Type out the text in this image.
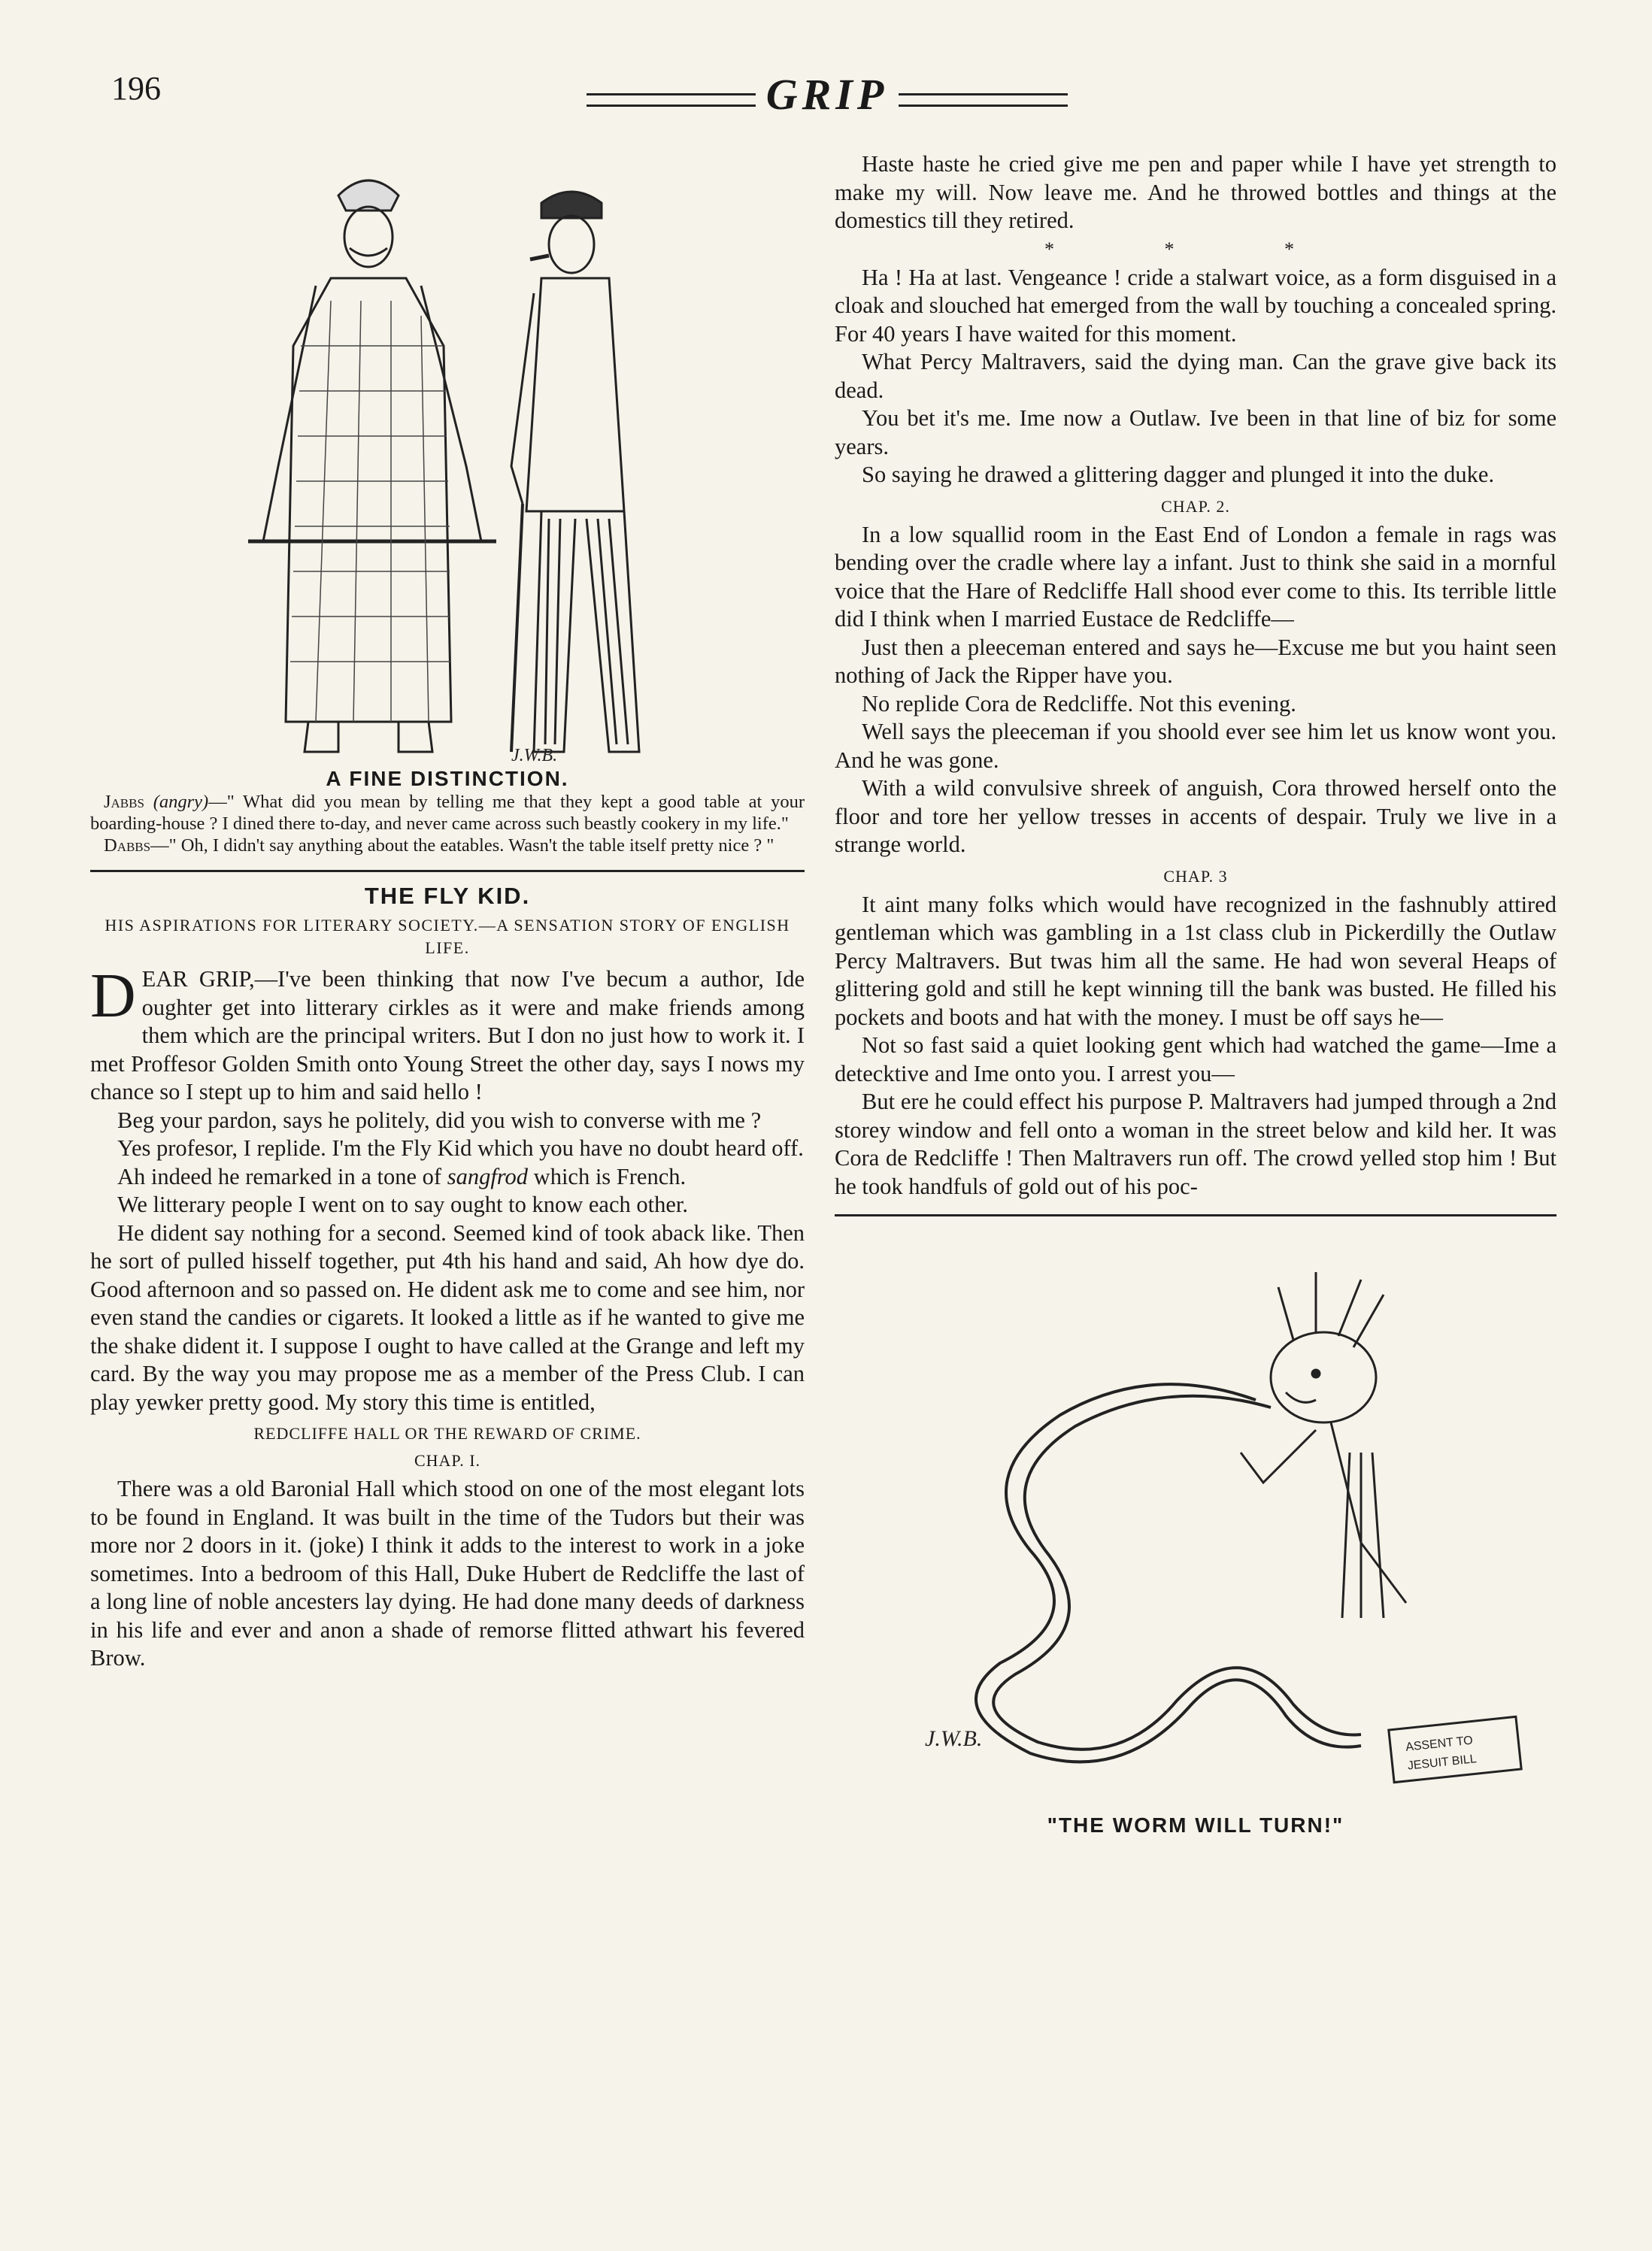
196	GRIP
J.W.B.
A FINE DISTINCTION.

Jabbs (angry)—" What did you mean by telling me that they kept a good table at your boarding-house ? I dined there to-day, and never came across such beastly cookery in my life."

Dabbs—" Oh, I didn't say anything about the eatables. Wasn't the table itself pretty nice ? "

THE FLY KID.
HIS ASPIRATIONS FOR LITERARY SOCIETY.—A SENSATION STORY OF ENGLISH LIFE.

DEAR GRIP,—I've been thinking that now I've becum a author, Ide oughter get into litterary cirkles as it were and make friends among them which are the principal writers. But I don no just how to work it. I met Proffesor Golden Smith onto Young Street the other day, says I nows my chance so I stept up to him and said hello !

Beg your pardon, says he politely, did you wish to converse with me ?

Yes profesor, I replide. I'm the Fly Kid which you have no doubt heard off.

Ah indeed he remarked in a tone of sangfrod which is French.

We litterary people I went on to say ought to know each other.

He dident say nothing for a second. Seemed kind of took aback like. Then he sort of pulled hisself together, put 4th his hand and said, Ah how dye do. Good afternoon and so passed on. He dident ask me to come and see him, nor even stand the candies or cigarets. It looked a little as if he wanted to give me the shake dident it. I suppose I ought to have called at the Grange and left my card. By the way you may propose me as a member of the Press Club. I can play yewker pretty good. My story this time is entitled,

REDCLIFFE HALL OR THE REWARD OF CRIME.
CHAP. I.

There was a old Baronial Hall which stood on one of the most elegant lots to be found in England. It was built in the time of the Tudors but their was more nor 2 doors in it. (joke) I think it adds to the interest to work in a joke sometimes. Into a bedroom of this Hall, Duke Hubert de Redcliffe the last of a long line of noble ancesters lay dying. He had done many deeds of darkness in his life and ever and anon a shade of remorse flitted athwart his fevered Brow.

Haste haste he cried give me pen and paper while I have yet strength to make my will. Now leave me. And he throwed bottles and things at the domestics till they retired.

* * *

Ha ! Ha at last. Vengeance ! cride a stalwart voice, as a form disguised in a cloak and slouched hat emerged from the wall by touching a concealed spring. For 40 years I have waited for this moment.

What Percy Maltravers, said the dying man. Can the grave give back its dead.

You bet it's me. Ime now a Outlaw. Ive been in that line of biz for some years.

So saying he drawed a glittering dagger and plunged it into the duke.

CHAP. 2.

In a low squallid room in the East End of London a female in rags was bending over the cradle where lay a infant. Just to think she said in a mornful voice that the Hare of Redcliffe Hall shood ever come to this. Its terrible little did I think when I married Eustace de Redcliffe—

Just then a pleeceman entered and says he—Excuse me but you haint seen nothing of Jack the Ripper have you.

No replide Cora de Redcliffe. Not this evening.

Well says the pleeceman if you shoold ever see him let us know wont you. And he was gone.

With a wild convulsive shreek of anguish, Cora throwed herself onto the floor and tore her yellow tresses in accents of despair. Truly we live in a strange world.

CHAP. 3

It aint many folks which would have recognized in the fashnubly attired gentleman which was gambling in a 1st class club in Pickerdilly the Outlaw Percy Maltravers. But twas him all the same. He had won several Heaps of glittering gold and still he kept winning till the bank was busted. He filled his pockets and boots and hat with the money. I must be off says he—

Not so fast said a quiet looking gent which had watched the game—Ime a detecktive and Ime onto you. I arrest you—

But ere he could effect his purpose P. Maltravers had jumped through a 2nd storey window and fell onto a woman in the street below and kild her. It was Cora de Redcliffe ! Then Maltravers run off. The crowd yelled stop him ! But he took handfuls of gold out of his poc-

ASSENT TO
JESUIT BILL
J.W.B.
"THE WORM WILL TURN!"
